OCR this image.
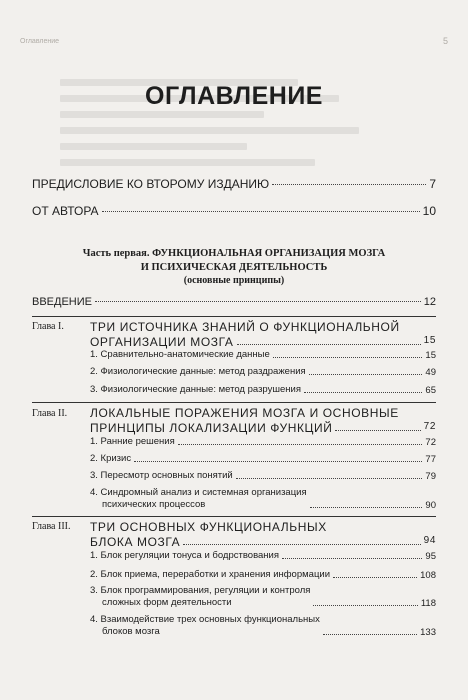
Оглавление	5
ОГЛАВЛЕНИЕ
ПРЕДИСЛОВИЕ КО ВТОРОМУ ИЗДАНИЮ	7
ОТ АВТОРА	10
Часть первая. ФУНКЦИОНАЛЬНАЯ ОРГАНИЗАЦИЯ МОЗГА
И ПСИХИЧЕСКАЯ ДЕЯТЕЛЬНОСТЬ
(основные принципы)
ВВЕДЕНИЕ	12
Глава I. ТРИ ИСТОЧНИКА ЗНАНИЙ О ФУНКЦИОНАЛЬНОЙ
ОРГАНИЗАЦИИ МОЗГА	15
1. Сравнительно-анатомические данные	15
2. Физиологические данные: метод раздражения	49
3. Физиологические данные: метод разрушения	65
Глава II. ЛОКАЛЬНЫЕ ПОРАЖЕНИЯ МОЗГА И ОСНОВНЫЕ
ПРИНЦИПЫ ЛОКАЛИЗАЦИИ ФУНКЦИЙ	72
1. Ранние решения	72
2. Кризис	77
3. Пересмотр основных понятий	79
4. Синдромный анализ и системная организация
психических процессов	90
Глава III. ТРИ ОСНОВНЫХ ФУНКЦИОНАЛЬНЫХ
БЛОКА МОЗГА	94
1. Блок регуляции тонуса и бодрствования	95
2. Блок приема, переработки и хранения информации	108
3. Блок программирования, регуляции и контроля
сложных форм деятельности	118
4. Взаимодействие трех основных функциональных
блоков мозга	133
